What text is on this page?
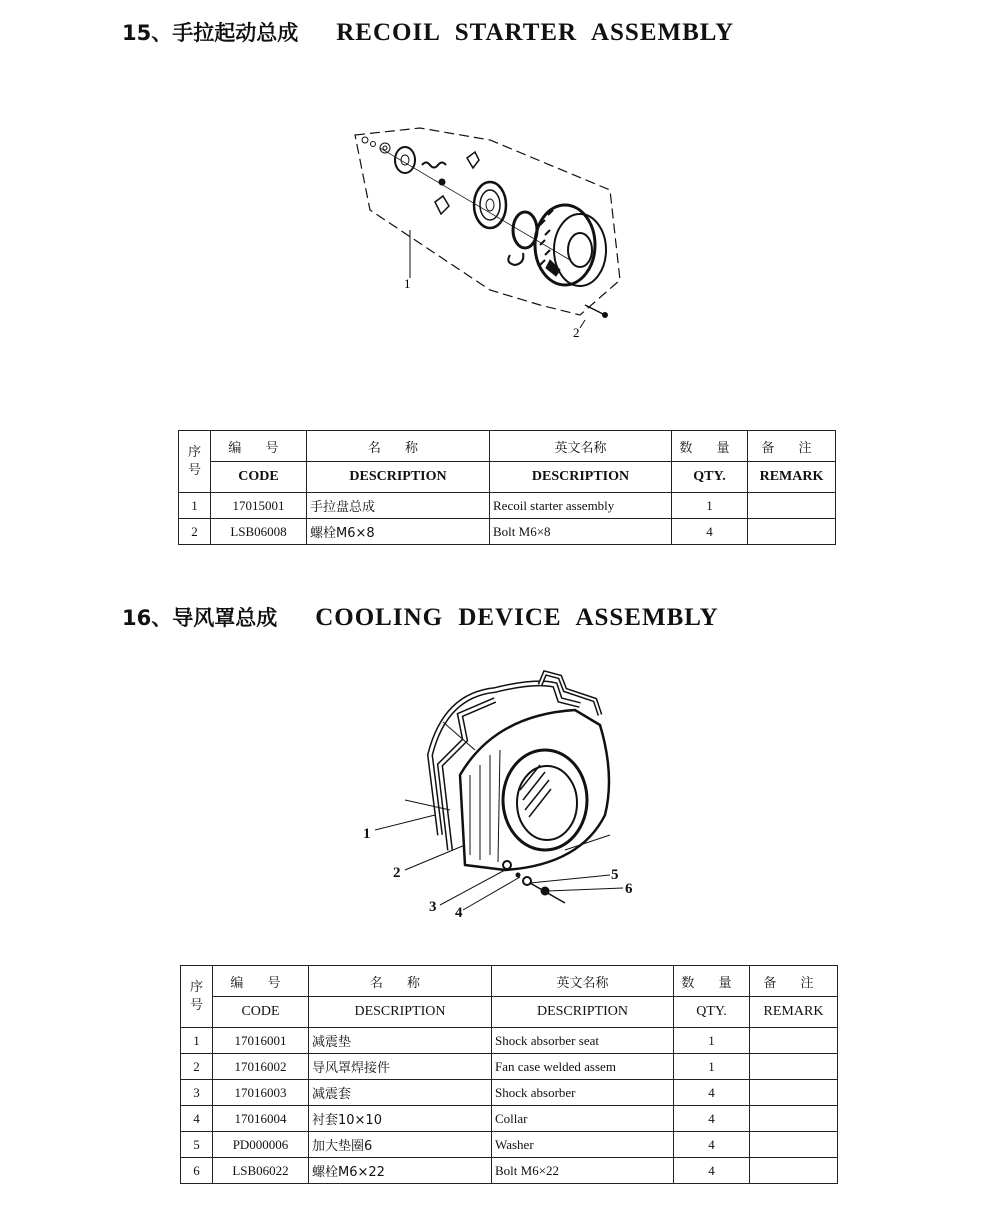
15、手拉起动总成 RECOIL STARTER ASSEMBLY
1
2
序号	编 号	名 称	英文名称	数 量	备 注
	CODE	DESCRIPTION	DESCRIPTION	QTY.	REMARK
1	17015001	手拉盘总成	Recoil starter assembly	1	
2	LSB06008	螺栓M6×8	Bolt M6×8	4	
16、导风罩总成 COOLING DEVICE ASSEMBLY
1
2
3 4
5
6
序号	编 号	名 称	英文名称	数 量	备 注
	CODE	DESCRIPTION	DESCRIPTION	QTY.	REMARK
1	17016001	减震垫	Shock absorber seat	1	
2	17016002	导风罩焊接件	Fan case welded assem	1	
3	17016003	减震套	Shock absorber	4	
4	17016004	衬套10×10	Collar	4	
5	PD000006	加大垫圈6	Washer	4	
6	LSB06022	螺栓M6×22	Bolt M6×22	4	
